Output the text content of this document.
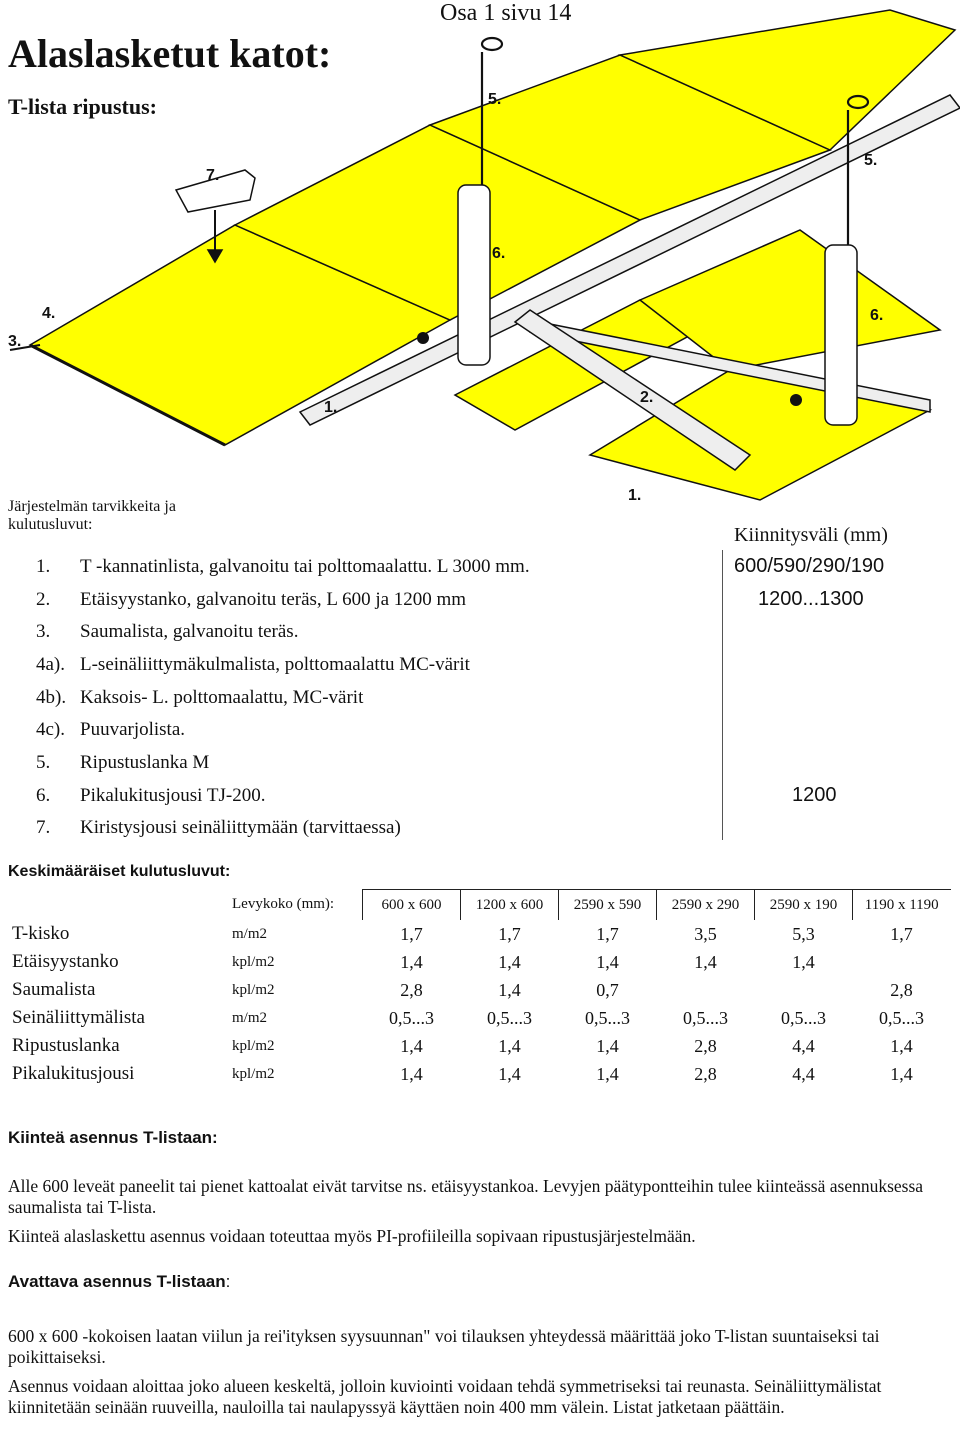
Osa 1 sivu 14
Alaslasketut katot:
T-lista ripustus:
7.
5.
5.
6.
6.
4.
3.
1.
2.
1.
Järjestelmän tarvikkeita ja
kulutusluvut:	Kiinnitysväli (mm)
1. T -kannatinlista, galvanoitu tai polttomaalattu. L 3000 mm.	600/590/290/190
2. Etäisyystanko, galvanoitu teräs, L 600 ja 1200 mm	1200...1300
3. Saumalista, galvanoitu teräs.
4a). L-seinäliittymäkulmalista, polttomaalattu MC-värit
4b). Kaksois- L. polttomaalattu, MC-värit
4c). Puuvarjolista.
5. Ripustuslanka M
6. Pikalukitusjousi TJ-200.	1200
7. Kiristysjousi seinäliittymään (tarvittaessa)
Keskimääräiset kulutusluvut:
	Levykoko (mm):	600 x 600	1200 x 600	2590 x 590	2590 x 290	2590 x 190	1190 x 1190
T-kisko	m/m2	1,7	1,7	1,7	3,5	5,3	1,7
Etäisyystanko	kpl/m2	1,4	1,4	1,4	1,4	1,4	
Saumalista	kpl/m2	2,8	1,4	0,7			2,8
Seinäliittymälista	m/m2	0,5...3	0,5...3	0,5...3	0,5...3	0,5...3	0,5...3
Ripustuslanka	kpl/m2	1,4	1,4	1,4	2,8	4,4	1,4
Pikalukitusjousi	kpl/m2	1,4	1,4	1,4	2,8	4,4	1,4
Kiinteä asennus T-listaan:
Alle 600 leveät paneelit tai pienet kattoalat eivät tarvitse ns. etäisyystankoa. Levyjen päätypontteihin tulee kiinteässä asennuksessa saumalista tai T-lista.
Kiinteä alaslaskettu asennus voidaan toteuttaa myös PI-profiileilla sopivaan ripustusjärjestelmään.
Avattava asennus T-listaan:
600 x 600 -kokoisen laatan viilun ja rei'ityksen syysuunnan" voi tilauksen yhteydessä määrittää joko T-listan suuntaiseksi tai poikittaiseksi.
Asennus voidaan aloittaa joko alueen keskeltä, jolloin kuviointi voidaan tehdä symmetriseksi tai reunasta. Seinäliittymälistat kiinnitetään seinään ruuveilla, nauloilla tai naulapyssyä käyttäen noin 400 mm välein. Listat jatketaan päättäin.
